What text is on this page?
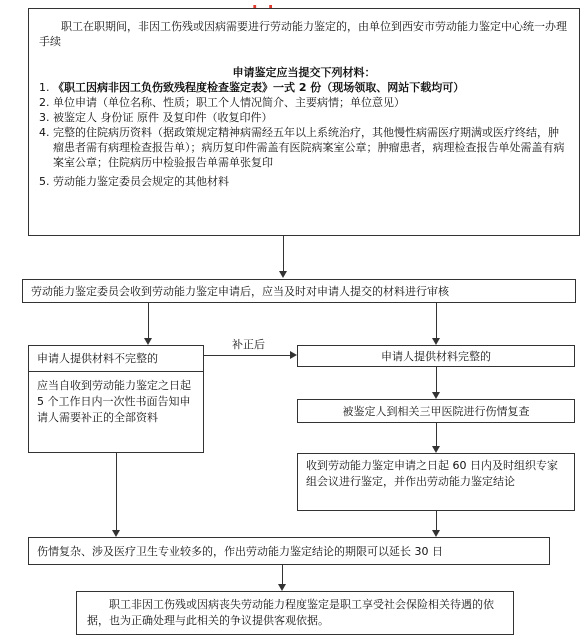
职工在职期间，非因工伤残或因病需要进行劳动能力鉴定的，由单位到西安市劳动能力鉴定中心统一办理手续
申请鉴定应当提交下列材料：
1. 《职工因病非因工负伤致残程度检查鉴定表》一式 2 份（现场领取、网站下载均可）
2. 单位申请（单位名称、性质；职工个人情况简介、主要病情；单位意见）
3. 被鉴定人 身份证 原件 及复印件（收复印件）
4. 完整的住院病历资料（据政策规定精神病需经五年以上系统治疗，其他慢性病需医疗期满或医疗终结，肿瘤患者需有病理检查报告单）；病历复印件需盖有医院病案室公章；肿瘤患者，病理检查报告单处需盖有病案室公章；住院病历中检验报告单需单张复印
5. 劳动能力鉴定委员会规定的其他材料
劳动能力鉴定委员会收到劳动能力鉴定申请后，应当及时对申请人提交的材料进行审核
申请人提供材料不完整的
应当自收到劳动能力鉴定之日起 5 个工作日内一次性书面告知申请人需要补正的全部资料
补正后
申请人提供材料完整的
被鉴定人到相关三甲医院进行伤情复查
收到劳动能力鉴定申请之日起 60 日内及时组织专家组会议进行鉴定，并作出劳动能力鉴定结论
伤情复杂、涉及医疗卫生专业较多的，作出劳动能力鉴定结论的期限可以延长 30 日
职工非因工伤残或因病丧失劳动能力程度鉴定是职工享受社会保险相关待遇的依据，也为正确处理与此相关的争议提供客观依据。
